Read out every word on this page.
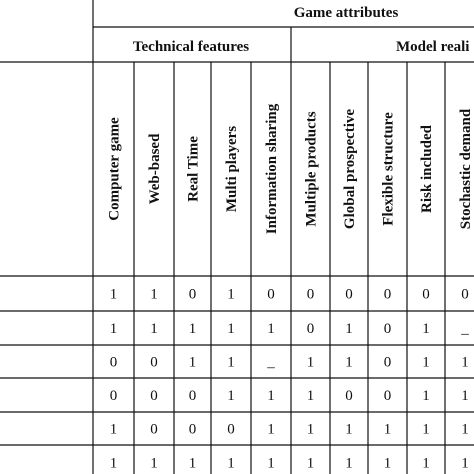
Game attributes
Technical features	Model reali
Computer game Web-based Real Time Multi players Information sharing Multiple products Global prospective Flexible structure Risk included Stochastic demand
1 1 0 1 0 0 0 0 0 0
1 1 1 1 1 0 1 0 1 _
0 0 1 1 _ 1 1 0 1 1
0 0 0 1 1 1 0 0 1 1
1 0 0 0 1 1 1 1 1 1
1 1 1 1 1 1 1 1 1 1
